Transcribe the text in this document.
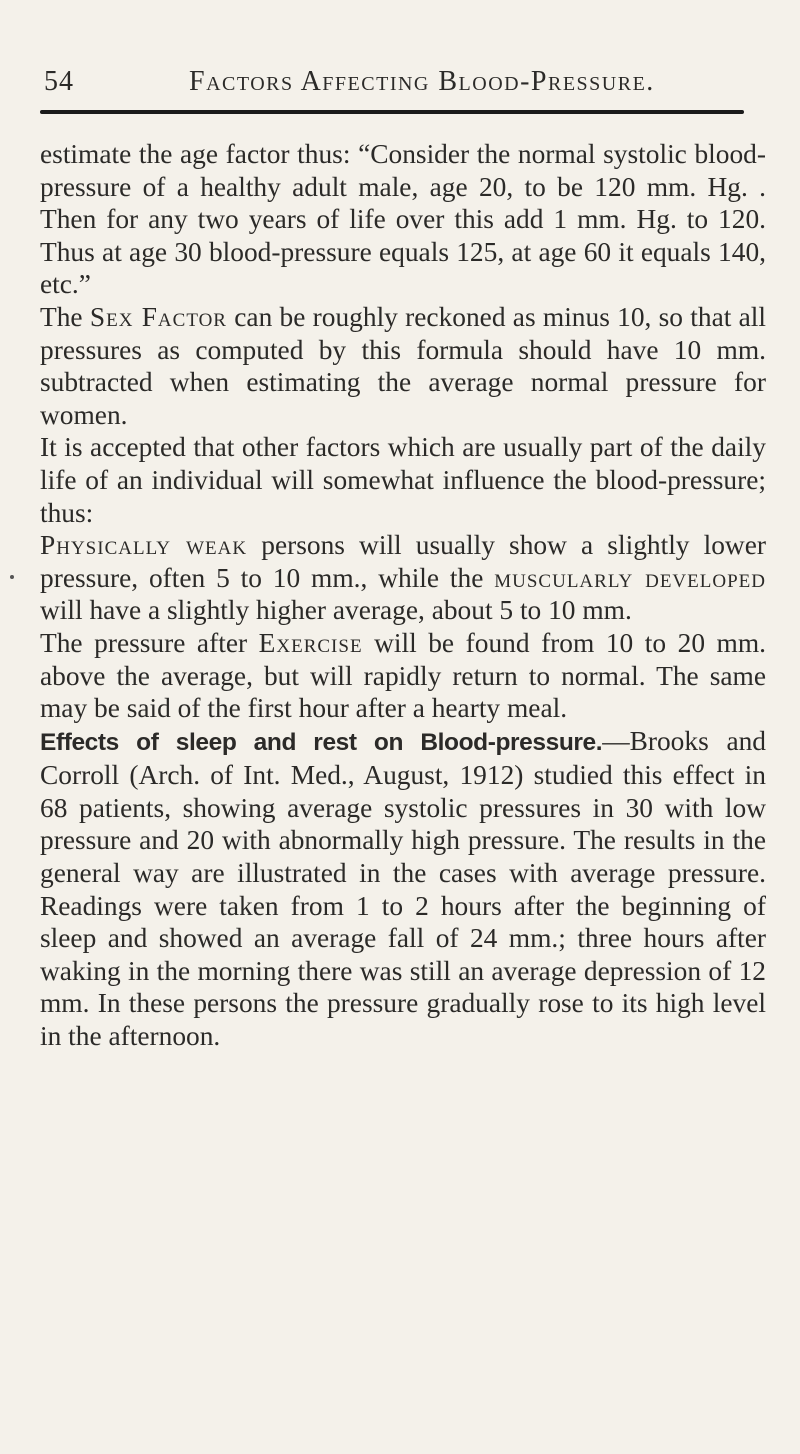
54	Factors Affecting Blood-Pressure.

estimate the age factor thus: “Consider the normal systolic blood-pressure of a healthy adult male, age 20, to be 120 mm. Hg. . Then for any two years of life over this add 1 mm. Hg. to 120. Thus at age 30 blood-pressure equals 125, at age 60 it equals 140, etc.”

The Sex Factor can be roughly reckoned as minus 10, so that all pressures as computed by this formula should have 10 mm. subtracted when estimating the average normal pressure for women.

It is accepted that other factors which are usually part of the daily life of an individual will somewhat influence the blood-pressure; thus:

Physically weak persons will usually show a slightly lower pressure, often 5 to 10 mm., while the muscularly developed will have a slightly higher average, about 5 to 10 mm.

The pressure after Exercise will be found from 10 to 20 mm. above the average, but will rapidly return to normal. The same may be said of the first hour after a hearty meal.

Effects of sleep and rest on Blood-pressure.—Brooks and Corroll (Arch. of Int. Med., August, 1912) studied this effect in 68 patients, showing average systolic pressures in 30 with low pressure and 20 with abnormally high pressure. The results in the general way are illustrated in the cases with average pressure. Readings were taken from 1 to 2 hours after the beginning of sleep and showed an average fall of 24 mm.; three hours after waking in the morning there was still an average depression of 12 mm. In these persons the pressure gradually rose to its high level in the afternoon.
